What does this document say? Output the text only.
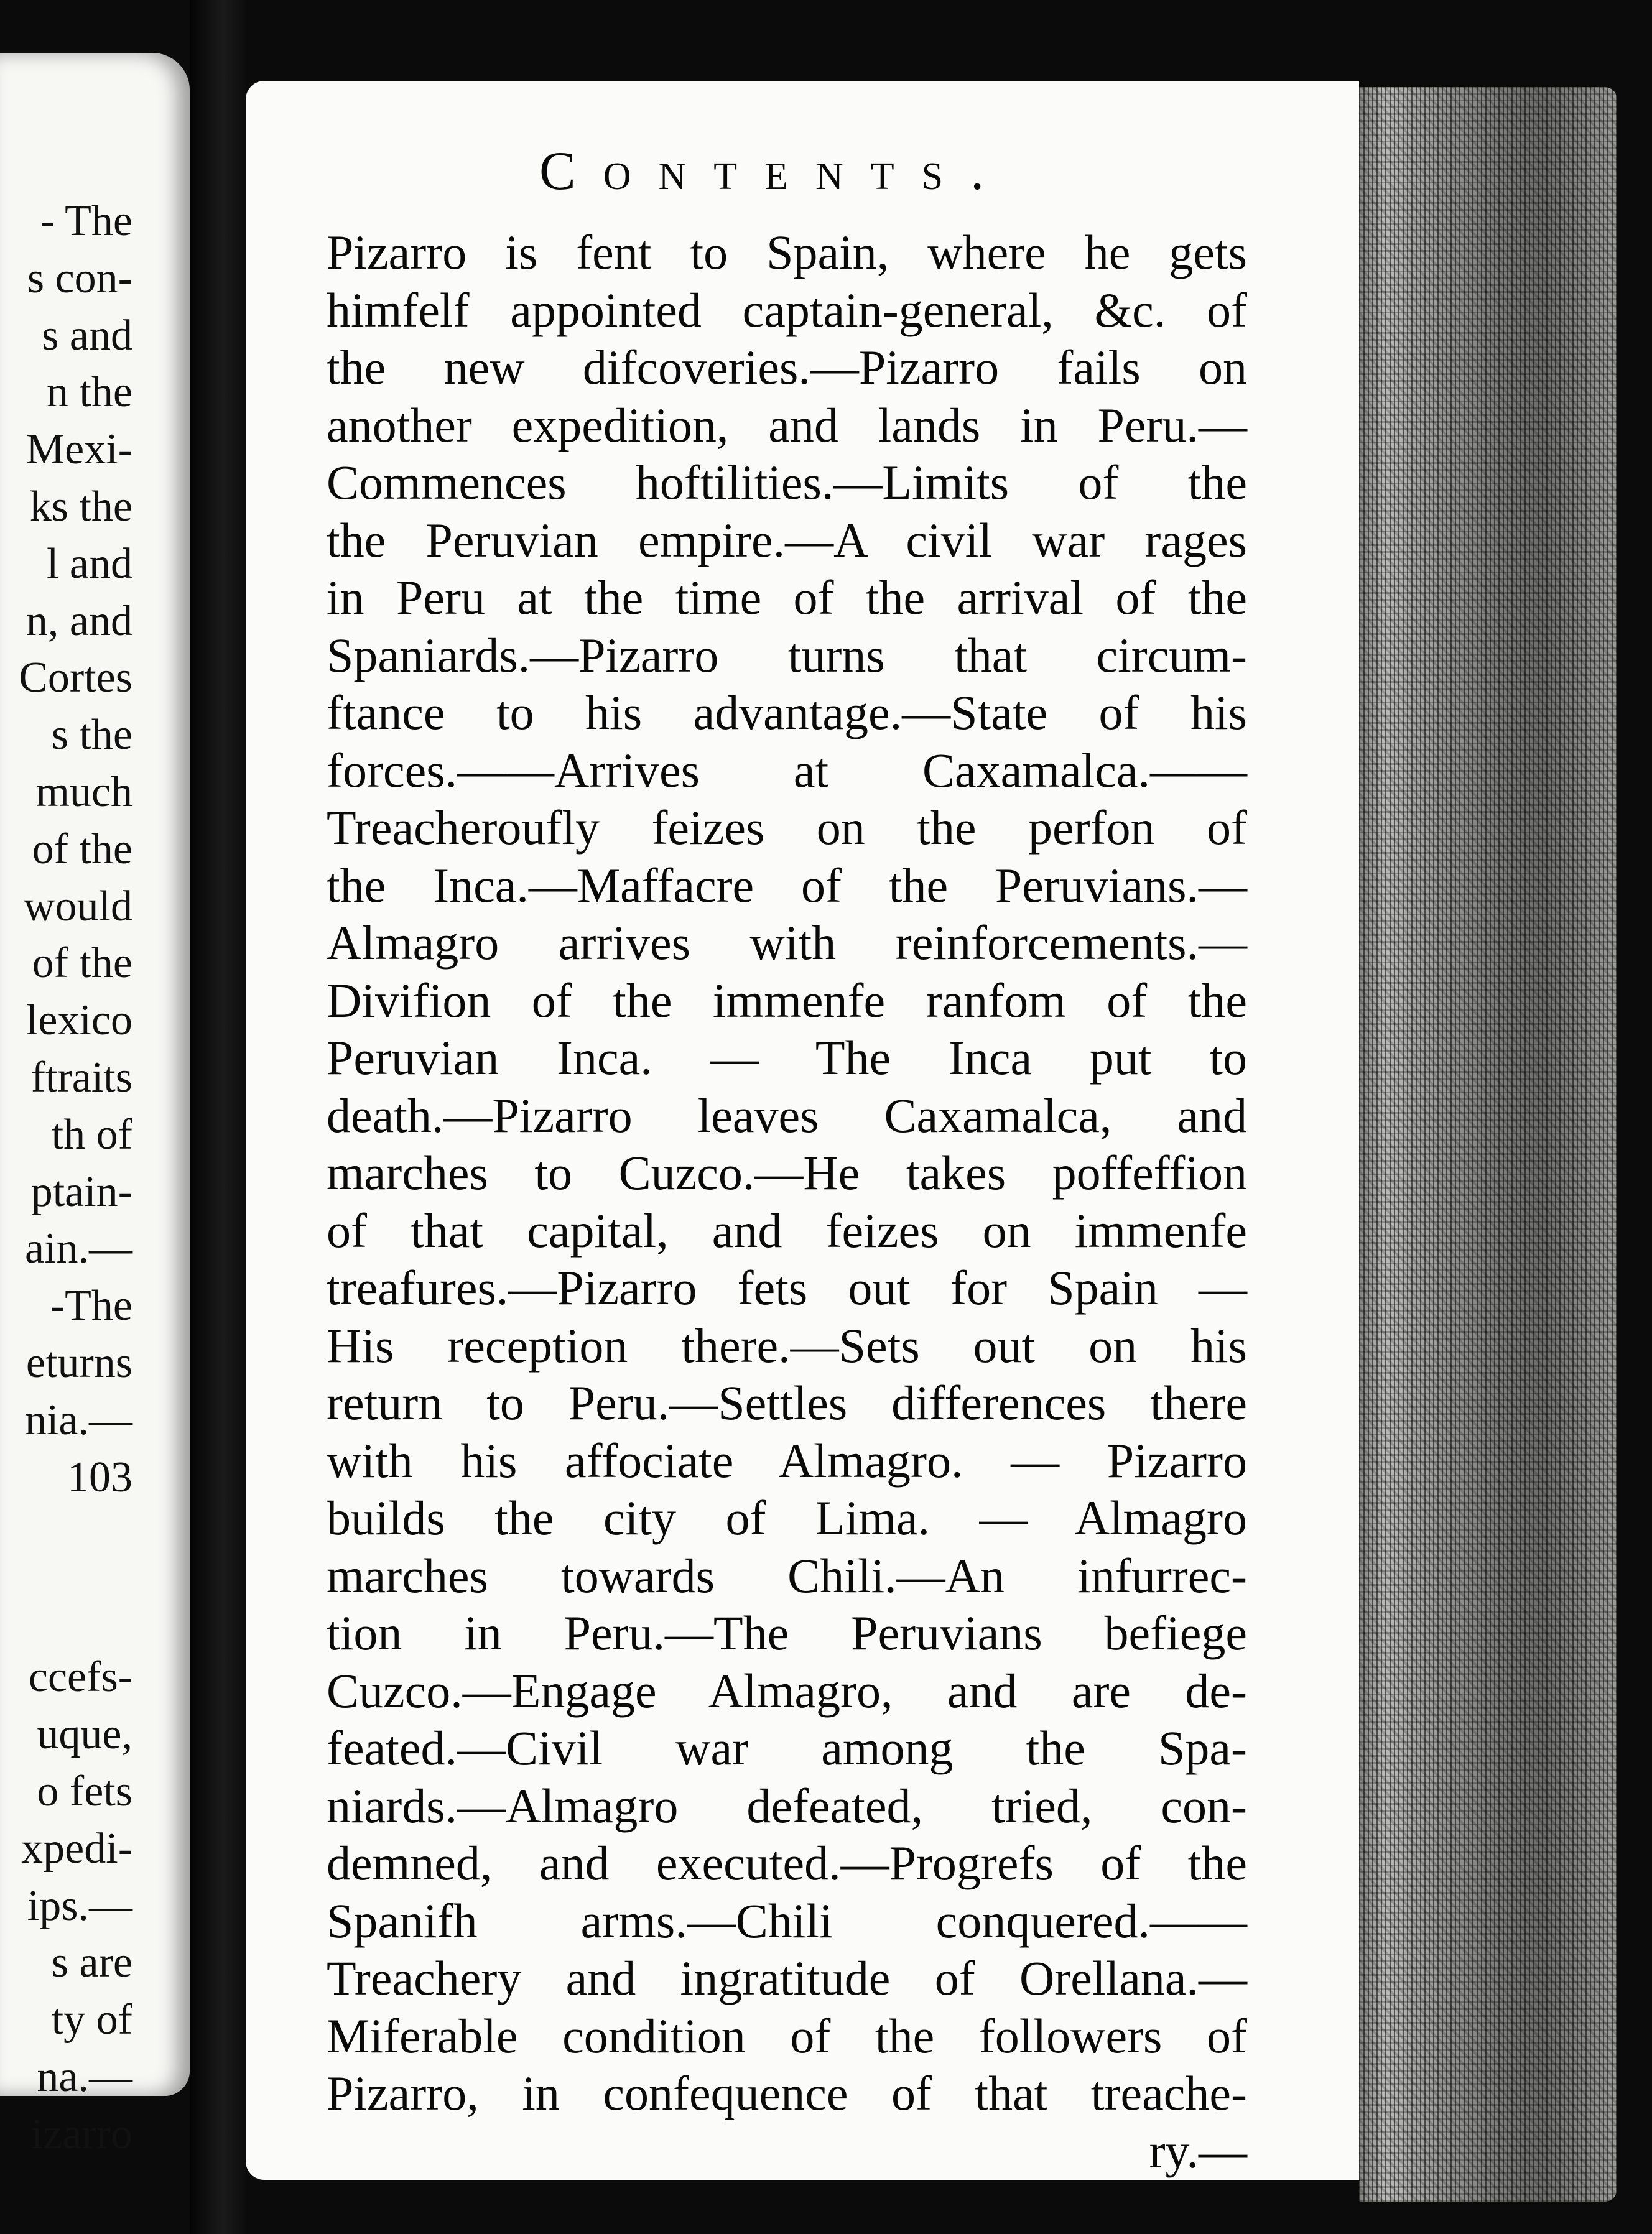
- The
s con-
s and
n the
Mexi-
ks the
l and
n, and
Cortes
s the
much
of the
would
of the
lexico
ftraits
th of
ptain-
ain.—
-The
eturns
nia.—
103
ccefs-
uque,
o fets
xpedi-
ips.—
s are
ty of
na.—
izarro
Contents.
Pizarro is fent to Spain, where he gets
himfelf appointed captain-general, &c. of
the new difcoveries.—Pizarro fails on
another expedition, and lands in Peru.—
Commences hoftilities.—Limits of the
the Peruvian empire.—A civil war rages
in Peru at the time of the arrival of the
Spaniards.—Pizarro turns that circum-
ftance to his advantage.—State of his
forces.——Arrives at Caxamalca.——
Treacheroufly feizes on the perfon of
the Inca.—Maffacre of the Peruvians.—
Almagro arrives with reinforcements.—
Divifion of the immenfe ranfom of the
Peruvian Inca. — The Inca put to
death.—Pizarro leaves Caxamalca, and
marches to Cuzco.—He takes poffeffion
of that capital, and feizes on immenfe
treafures.—Pizarro fets out for Spain —
His reception there.—Sets out on his
return to Peru.—Settles differences there
with his affociate Almagro. — Pizarro
builds the city of Lima. — Almagro
marches towards Chili.—An infurrec-
tion in Peru.—The Peruvians befiege
Cuzco.—Engage Almagro, and are de-
feated.—Civil war among the Spa-
niards.—Almagro defeated, tried, con-
demned, and executed.—Progrefs of the
Spanifh arms.—Chili conquered.——
Treachery and ingratitude of Orellana.—
Miferable condition of the followers of
Pizarro, in confequence of that treache-
ry.—
